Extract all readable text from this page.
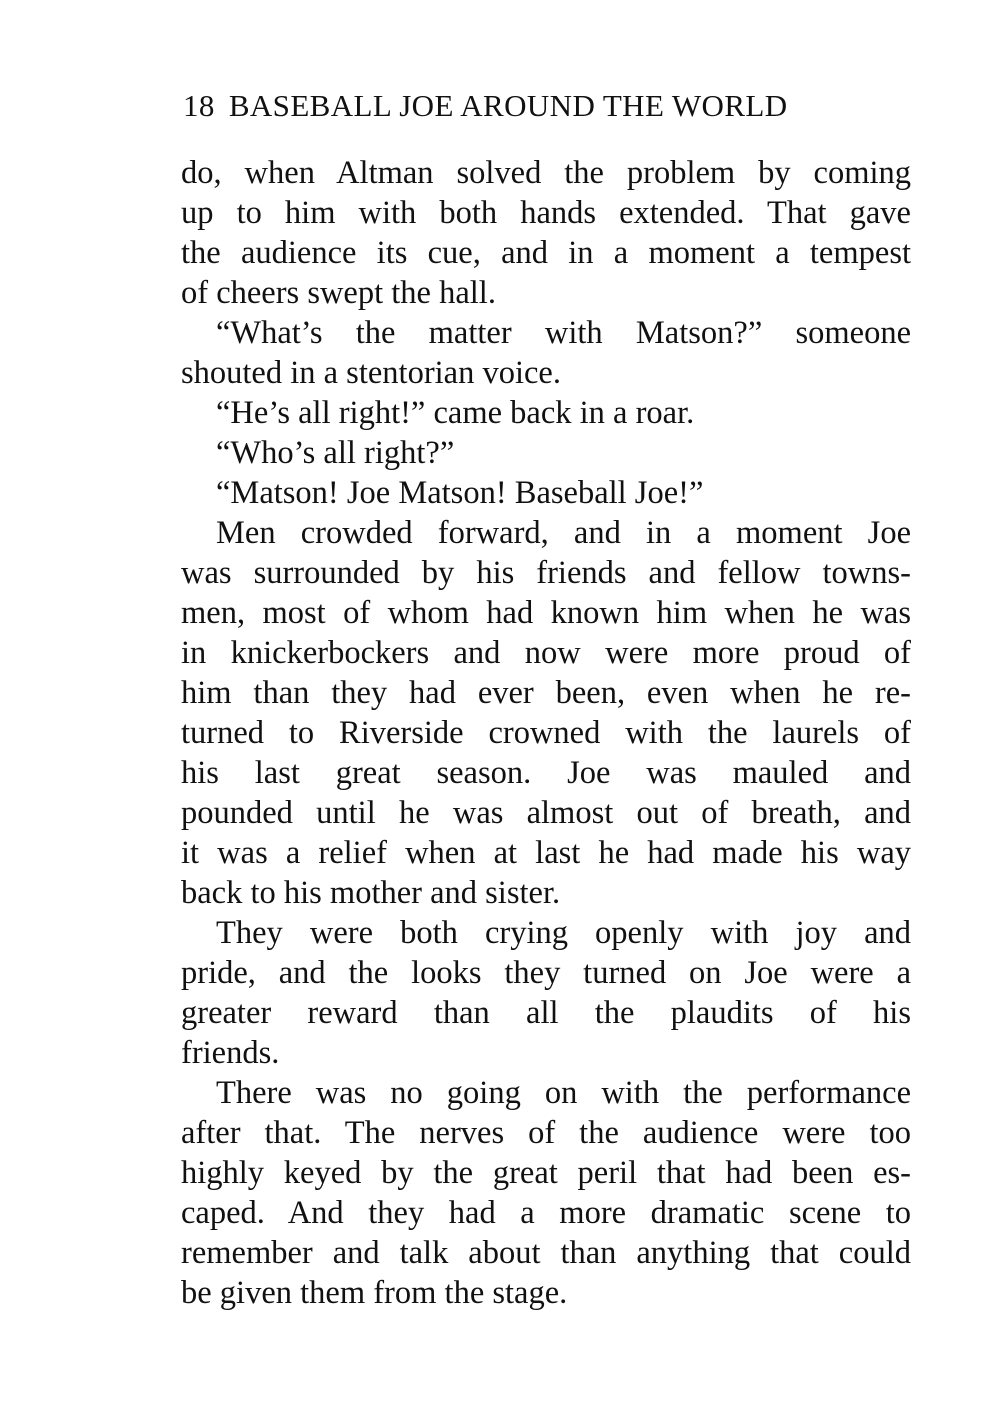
18 BASEBALL JOE AROUND THE WORLD
do, when Altman solved the problem by coming
up to him with both hands extended. That gave
the audience its cue, and in a moment a tempest
of cheers swept the hall.
“What’s the matter with Matson?” someone
shouted in a stentorian voice.
“He’s all right!” came back in a roar.
“Who’s all right?”
“Matson! Joe Matson! Baseball Joe!”
Men crowded forward, and in a moment Joe
was surrounded by his friends and fellow towns-
men, most of whom had known him when he was
in knickerbockers and now were more proud of
him than they had ever been, even when he re-
turned to Riverside crowned with the laurels of
his last great season. Joe was mauled and
pounded until he was almost out of breath, and
it was a relief when at last he had made his way
back to his mother and sister.
They were both crying openly with joy and
pride, and the looks they turned on Joe were a
greater reward than all the plaudits of his
friends.
There was no going on with the performance
after that. The nerves of the audience were too
highly keyed by the great peril that had been es-
caped. And they had a more dramatic scene to
remember and talk about than anything that could
be given them from the stage.
